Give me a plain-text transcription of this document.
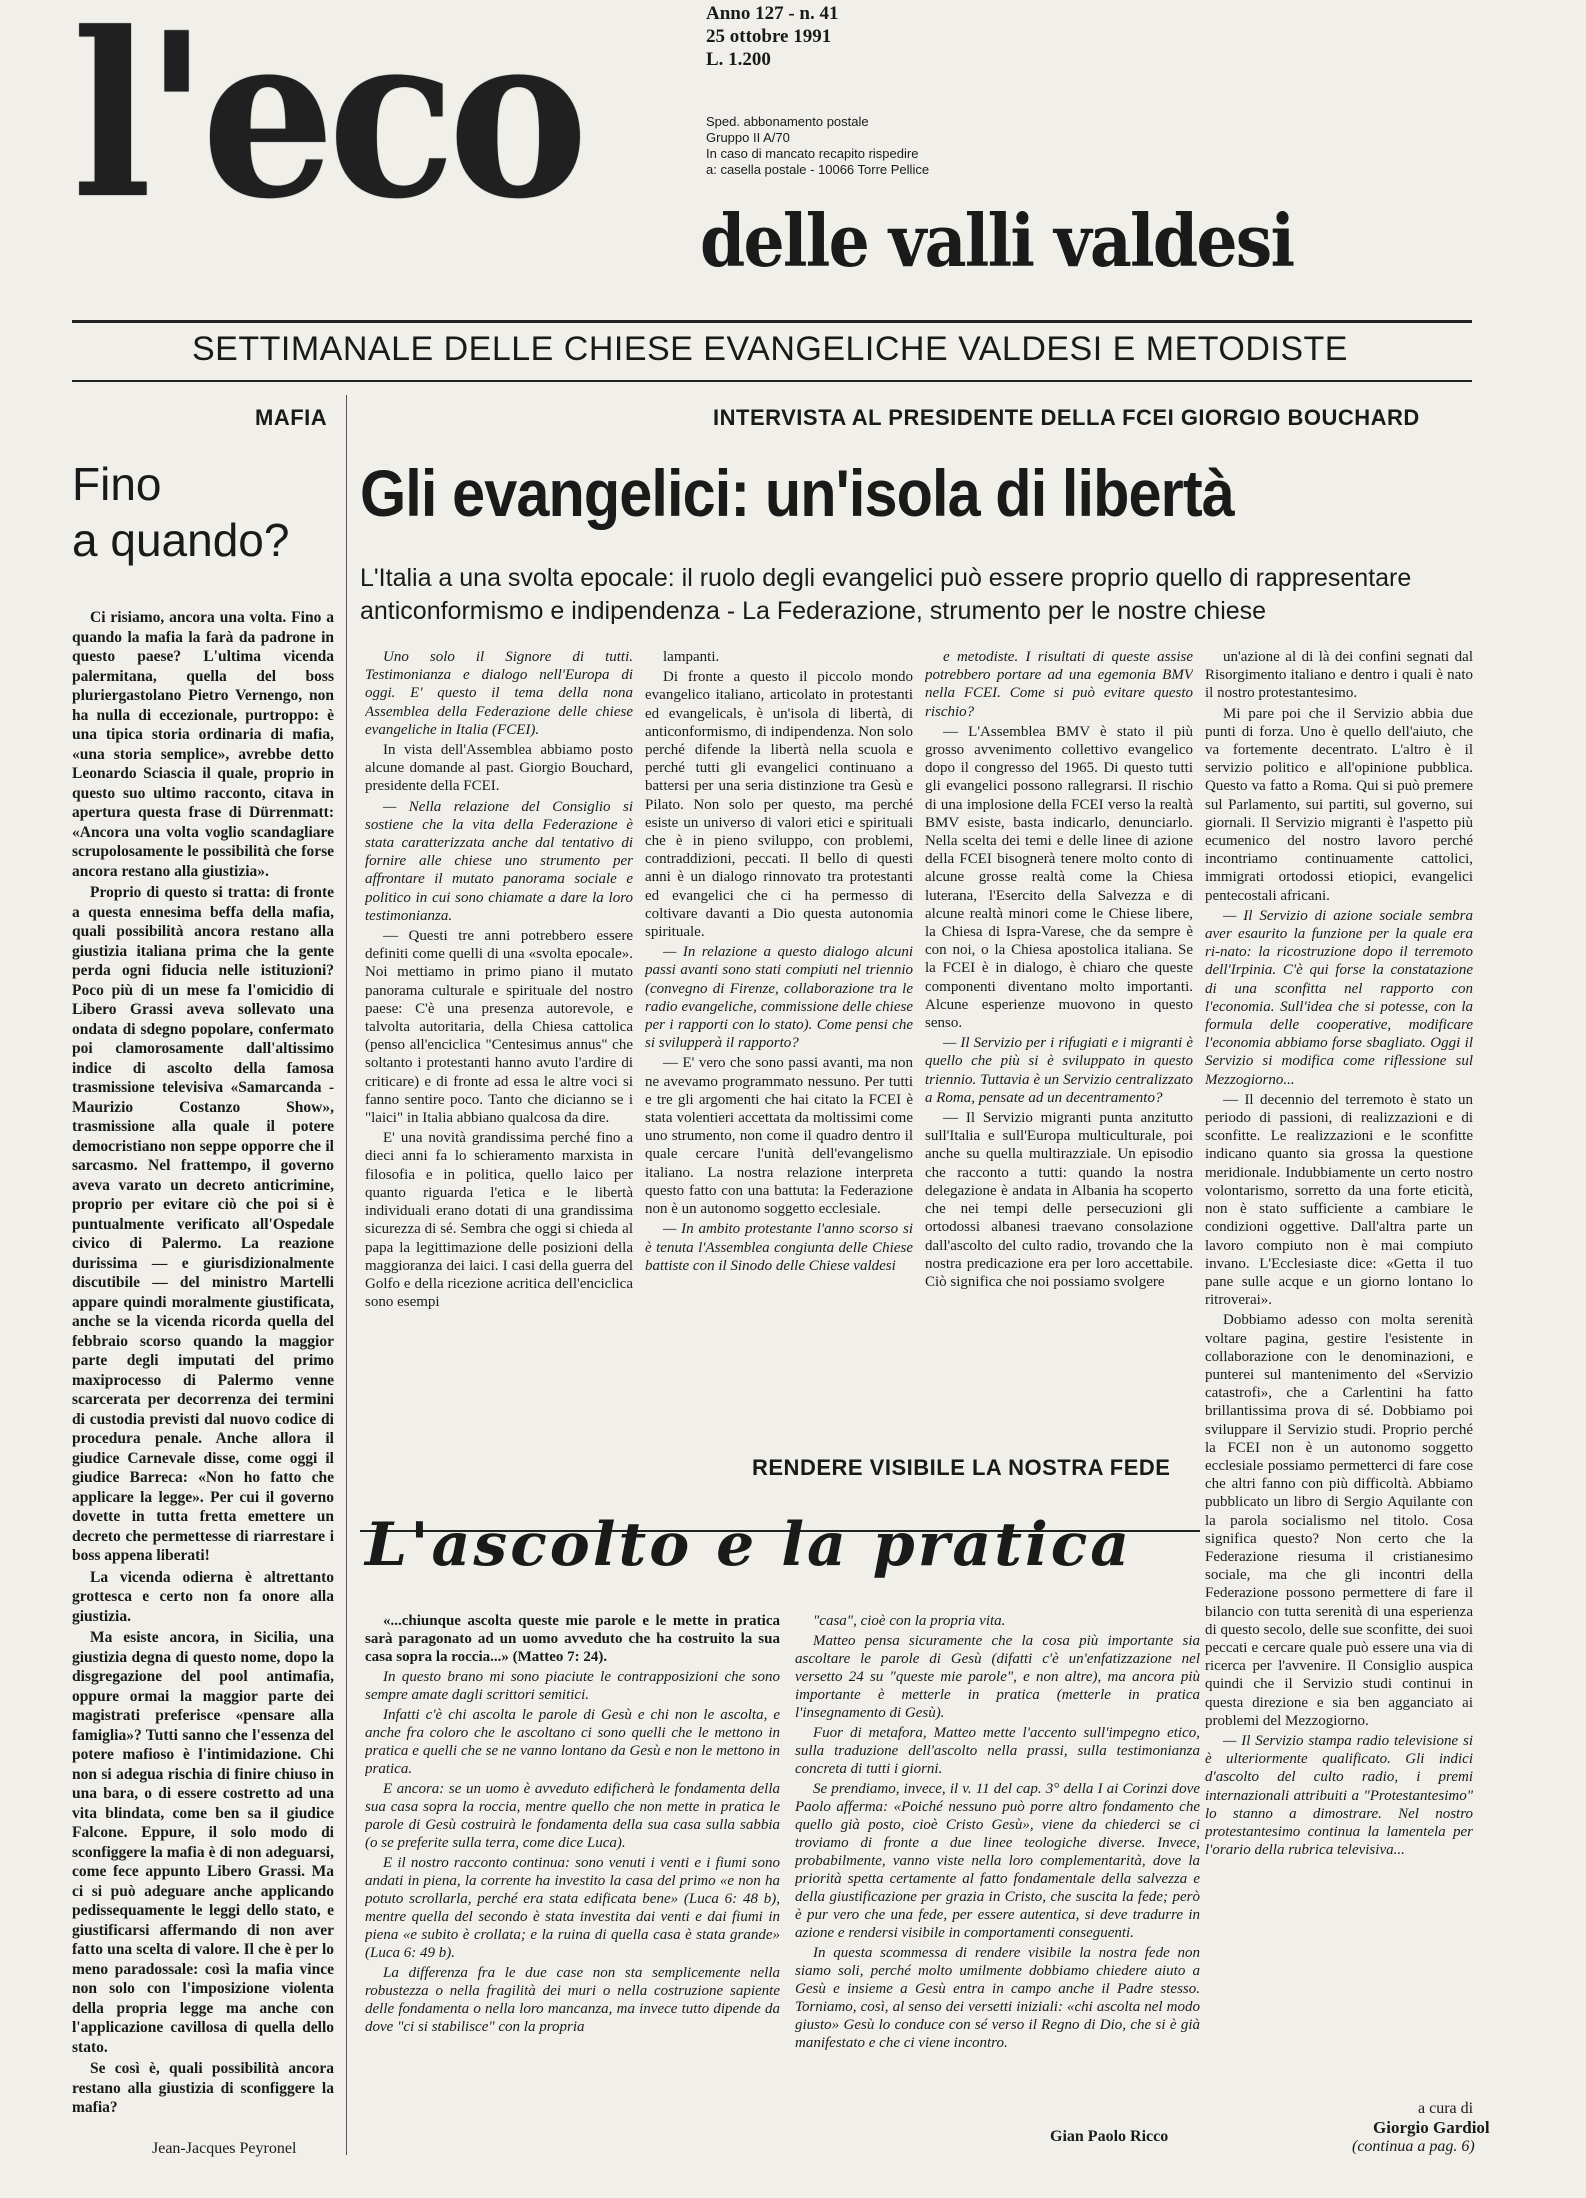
l'eco delle valli valdesi
Anno 127 - n. 41
25 ottobre 1991
L. 1.200
Sped. abbonamento postale
Gruppo II A/70
In caso di mancato recapito rispedire
a: casella postale - 10066 Torre Pellice
SETTIMANALE DELLE CHIESE EVANGELICHE VALDESI E METODISTE
MAFIA
Fino
a quando?

Ci risiamo, ancora una volta. Fino a quando la mafia la farà da padrone in questo paese? L'ultima vicenda palermitana, quella del boss pluriergastolano Pietro Vernengo, non ha nulla di eccezionale, purtroppo: è una tipica storia ordinaria di mafia, «una storia semplice», avrebbe detto Leonardo Sciascia il quale, proprio in questo suo ultimo racconto, citava in apertura questa frase di Dürrenmatt: «Ancora una volta voglio scandagliare scrupolosamente le possibilità che forse ancora restano alla giustizia».

Proprio di questo si tratta: di fronte a questa ennesima beffa della mafia, quali possibilità ancora restano alla giustizia italiana prima che la gente perda ogni fiducia nelle istituzioni? Poco più di un mese fa l'omicidio di Libero Grassi aveva sollevato una ondata di sdegno popolare, confermato poi clamorosamente dall'altissimo indice di ascolto della famosa trasmissione televisiva «Samarcanda - Maurizio Costanzo Show», trasmissione alla quale il potere democristiano non seppe opporre che il sarcasmo. Nel frattempo, il governo aveva varato un decreto anticrimine, proprio per evitare ciò che poi si è puntualmente verificato all'Ospedale civico di Palermo. La reazione durissima — e giurisdizionalmente discutibile — del ministro Martelli appare quindi moralmente giustificata, anche se la vicenda ricorda quella del febbraio scorso quando la maggior parte degli imputati del primo maxiprocesso di Palermo venne scarcerata per decorrenza dei termini di custodia previsti dal nuovo codice di procedura penale. Anche allora il giudice Carnevale disse, come oggi il giudice Barreca: «Non ho fatto che applicare la legge». Per cui il governo dovette in tutta fretta emettere un decreto che permettesse di riarrestare i boss appena liberati!

La vicenda odierna è altrettanto grottesca e certo non fa onore alla giustizia.

Ma esiste ancora, in Sicilia, una giustizia degna di questo nome, dopo la disgregazione del pool antimafia, oppure ormai la maggior parte dei magistrati preferisce «pensare alla famiglia»? Tutti sanno che l'essenza del potere mafioso è l'intimidazione. Chi non si adegua rischia di finire chiuso in una bara, o di essere costretto ad una vita blindata, come ben sa il giudice Falcone. Eppure, il solo modo di sconfiggere la mafia è di non adeguarsi, come fece appunto Libero Grassi. Ma ci si può adeguare anche applicando pedissequamente le leggi dello stato, e giustificarsi affermando di non aver fatto una scelta di valore. Il che è per lo meno paradossale: così la mafia vince non solo con l'imposizione violenta della propria legge ma anche con l'applicazione cavillosa di quella dello stato.

Se così è, quali possibilità ancora restano alla giustizia di sconfiggere la mafia?

Jean-Jacques Peyronel
INTERVISTA AL PRESIDENTE DELLA FCEI GIORGIO BOUCHARD
Gli evangelici: un'isola di libertà
L'Italia a una svolta epocale: il ruolo degli evangelici può essere proprio quello di rappresentare anticonformismo e indipendenza - La Federazione, strumento per le nostre chiese

Uno solo il Signore di tutti. Testimonianza e dialogo nell'Europa di oggi. E' questo il tema della nona Assemblea della Federazione delle chiese evangeliche in Italia (FCEI).

In vista dell'Assemblea abbiamo posto alcune domande al past. Giorgio Bouchard, presidente della FCEI.

— Nella relazione del Consiglio si sostiene che la vita della Federazione è stata caratterizzata anche dal tentativo di fornire alle chiese uno strumento per affrontare il mutato panorama sociale e politico in cui sono chiamate a dare la loro testimonianza.

— Questi tre anni potrebbero essere definiti come quelli di una «svolta epocale». Noi mettiamo in primo piano il mutato panorama culturale e spirituale del nostro paese: C'è una presenza autorevole, e talvolta autoritaria, della Chiesa cattolica (penso all'enciclica "Centesimus annus" che soltanto i protestanti hanno avuto l'ardire di criticare) e di fronte ad essa le altre voci si fanno sentire poco. Tanto che dicianno se i "laici" in Italia abbiano qualcosa da dire.

E' una novità grandissima perché fino a dieci anni fa lo schieramento marxista in filosofia e in politica, quello laico per quanto riguarda l'etica e le libertà individuali erano dotati di una grandissima sicurezza di sé. Sembra che oggi si chieda al papa la legittimazione delle posizioni della maggioranza dei laici. I casi della guerra del Golfo e della ricezione acritica dell'enciclica sono esempi

lampanti.

Di fronte a questo il piccolo mondo evangelico italiano, articolato in protestanti ed evangelicals, è un'isola di libertà, di anticonformismo, di indipendenza. Non solo perché difende la libertà nella scuola e perché tutti gli evangelici continuano a battersi per una seria distinzione tra Gesù e Pilato. Non solo per questo, ma perché esiste un universo di valori etici e spirituali che è in pieno sviluppo, con problemi, contraddizioni, peccati. Il bello di questi anni è un dialogo rinnovato tra protestanti ed evangelici che ci ha permesso di coltivare davanti a Dio questa autonomia spirituale.

— In relazione a questo dialogo alcuni passi avanti sono stati compiuti nel triennio (convegno di Firenze, collaborazione tra le radio evangeliche, commissione delle chiese per i rapporti con lo stato). Come pensi che si svilupperà il rapporto?

— E' vero che sono passi avanti, ma non ne avevamo programmato nessuno. Per tutti e tre gli argomenti che hai citato la FCEI è stata volentieri accettata da moltissimi come uno strumento, non come il quadro dentro il quale cercare l'unità dell'evangelismo italiano. La nostra relazione interpreta questo fatto con una battuta: la Federazione non è un autonomo soggetto ecclesiale.

— In ambito protestante l'anno scorso si è tenuta l'Assemblea congiunta delle Chiese battiste con il Sinodo delle Chiese valdesi

e metodiste. I risultati di queste assise potrebbero portare ad una egemonia BMV nella FCEI. Come si può evitare questo rischio?

— L'Assemblea BMV è stato il più grosso avvenimento collettivo evangelico dopo il congresso del 1965. Di questo tutti gli evangelici possono rallegrarsi. Il rischio di una implosione della FCEI verso la realtà BMV esiste, basta indicarlo, denunciarlo. Nella scelta dei temi e delle linee di azione della FCEI bisognerà tenere molto conto di alcune grosse realtà come la Chiesa luterana, l'Esercito della Salvezza e di alcune realtà minori come le Chiese libere, la Chiesa di Ispra-Varese, che da sempre è con noi, o la Chiesa apostolica italiana. Se la FCEI è in dialogo, è chiaro che queste componenti diventano molto importanti. Alcune esperienze muovono in questo senso.

— Il Servizio per i rifugiati e i migranti è quello che più si è sviluppato in questo triennio. Tuttavia è un Servizio centralizzato a Roma, pensate ad un decentramento?

— Il Servizio migranti punta anzitutto sull'Italia e sull'Europa multiculturale, poi anche su quella multirazziale. Un episodio che racconto a tutti: quando la nostra delegazione è andata in Albania ha scoperto che nei tempi delle persecuzioni gli ortodossi albanesi traevano consolazione dall'ascolto del culto radio, trovando che la nostra predicazione era per loro accettabile. Ciò significa che noi possiamo svolgere

un'azione al di là dei confini segnati dal Risorgimento italiano e dentro i quali è nato il nostro protestantesimo.

Mi pare poi che il Servizio abbia due punti di forza. Uno è quello dell'aiuto, che va fortemente decentrato. L'altro è il servizio politico e all'opinione pubblica. Questo va fatto a Roma. Qui si può premere sul Parlamento, sui partiti, sul governo, sui giornali. Il Servizio migranti è l'aspetto più ecumenico del nostro lavoro perché incontriamo continuamente cattolici, immigrati ortodossi etiopici, evangelici pentecostali africani.

— Il Servizio di azione sociale sembra aver esaurito la funzione per la quale era ri-nato: la ricostruzione dopo il terremoto dell'Irpinia. C'è qui forse la constatazione di una sconfitta nel rapporto con l'economia. Sull'idea che si potesse, con la formula delle cooperative, modificare l'economia abbiamo forse sbagliato. Oggi il Servizio si modifica come riflessione sul Mezzogiorno...

— Il decennio del terremoto è stato un periodo di passioni, di realizzazioni e di sconfitte. Le realizzazioni e le sconfitte indicano quanto sia grossa la questione meridionale. Indubbiamente un certo nostro volontarismo, sorretto da una forte eticità, non è stato sufficiente a cambiare le condizioni oggettive. Dall'altra parte un lavoro compiuto non è mai compiuto invano. L'Ecclesiaste dice: «Getta il tuo pane sulle acque e un giorno lontano lo ritroverai».

Dobbiamo adesso con molta serenità voltare pagina, gestire l'esistente in collaborazione con le denominazioni, e punterei sul mantenimento del «Servizio catastrofi», che a Carlentini ha fatto brillantissima prova di sé. Dobbiamo poi sviluppare il Servizio studi. Proprio perché la FCEI non è un autonomo soggetto ecclesiale possiamo permetterci di fare cose che altri fanno con più difficoltà. Abbiamo pubblicato un libro di Sergio Aquilante con la parola socialismo nel titolo. Cosa significa questo? Non certo che la Federazione riesuma il cristianesimo sociale, ma che gli incontri della Federazione possono permettere di fare il bilancio con tutta serenità di una esperienza di questo secolo, delle sue sconfitte, dei suoi peccati e cercare quale può essere una via di ricerca per l'avvenire. Il Consiglio auspica quindi che il Servizio studi continui in questa direzione e sia ben agganciato ai problemi del Mezzogiorno.

— Il Servizio stampa radio televisione si è ulteriormente qualificato. Gli indici d'ascolto del culto radio, i premi internazionali attribuiti a "Protestantesimo" lo stanno a dimostrare. Nel nostro protestantesimo continua la lamentela per l'orario della rubrica televisiva...

a cura di
Giorgio Gardiol
(continua a pag. 6)
RENDERE VISIBILE LA NOSTRA FEDE
L'ascolto e la pratica

«...chiunque ascolta queste mie parole e le mette in pratica sarà paragonato ad un uomo avveduto che ha costruito la sua casa sopra la roccia...» (Matteo 7: 24).

In questo brano mi sono piaciute le contrapposizioni che sono sempre amate dagli scrittori semitici.

Infatti c'è chi ascolta le parole di Gesù e chi non le ascolta, e anche fra coloro che le ascoltano ci sono quelli che le mettono in pratica e quelli che se ne vanno lontano da Gesù e non le mettono in pratica.

E ancora: se un uomo è avveduto edificherà le fondamenta della sua casa sopra la roccia, mentre quello che non mette in pratica le parole di Gesù costruirà le fondamenta della sua casa sulla sabbia (o se preferite sulla terra, come dice Luca).

E il nostro racconto continua: sono venuti i venti e i fiumi sono andati in piena, la corrente ha investito la casa del primo «e non ha potuto scrollarla, perché era stata edificata bene» (Luca 6: 48 b), mentre quella del secondo è stata investita dai venti e dai fiumi in piena «e subito è crollata; e la ruina di quella casa è stata grande» (Luca 6: 49 b).

La differenza fra le due case non sta semplicemente nella robustezza o nella fragilità dei muri o nella costruzione sapiente delle fondamenta o nella loro mancanza, ma invece tutto dipende da dove "ci si stabilisce" con la propria

"casa", cioè con la propria vita.

Matteo pensa sicuramente che la cosa più importante sia ascoltare le parole di Gesù (difatti c'è un'enfatizzazione nel versetto 24 su "queste mie parole", e non altre), ma ancora più importante è metterle in pratica (metterle in pratica l'insegnamento di Gesù).

Fuor di metafora, Matteo mette l'accento sull'impegno etico, sulla traduzione dell'ascolto nella prassi, sulla testimonianza concreta di tutti i giorni.

Se prendiamo, invece, il v. 11 del cap. 3° della I ai Corinzi dove Paolo afferma: «Poiché nessuno può porre altro fondamento che quello già posto, cioè Cristo Gesù», viene da chiederci se ci troviamo di fronte a due linee teologiche diverse. Invece, probabilmente, vanno viste nella loro complementarità, dove la priorità spetta certamente al fatto fondamentale della salvezza e della giustificazione per grazia in Cristo, che suscita la fede; però è pur vero che una fede, per essere autentica, si deve tradurre in azione e rendersi visibile in comportamenti conseguenti.

In questa scommessa di rendere visibile la nostra fede non siamo soli, perché molto umilmente dobbiamo chiedere aiuto a Gesù e insieme a Gesù entra in campo anche il Padre stesso. Torniamo, così, al senso dei versetti iniziali: «chi ascolta nel modo giusto» Gesù lo conduce con sé verso il Regno di Dio, che si è già manifestato e che ci viene incontro.

Gian Paolo Ricco
